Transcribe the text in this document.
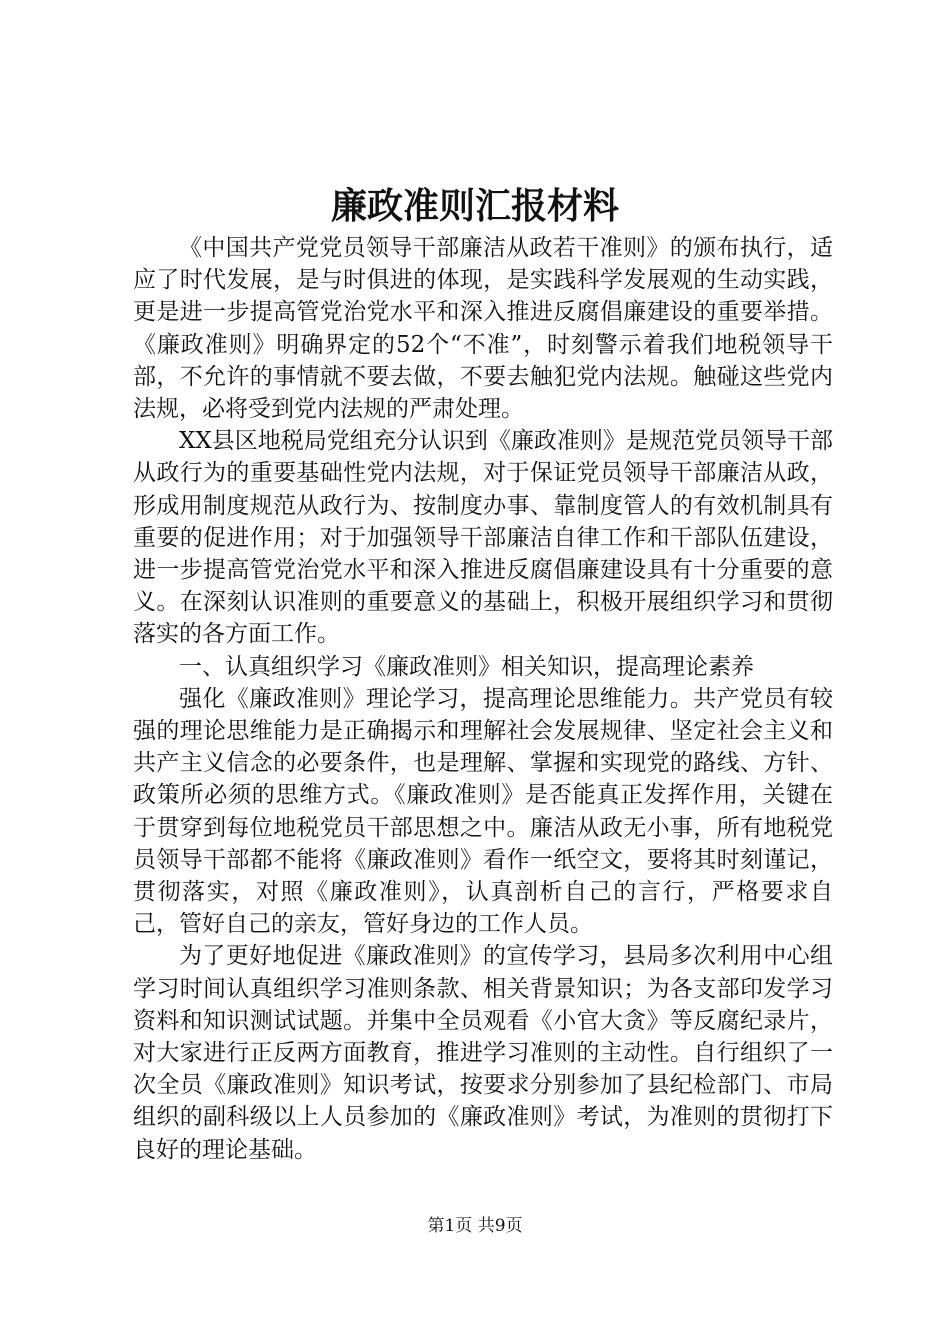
廉政准则汇报材料

《中国共产党党员领导干部廉洁从政若干准则》的颁布执行，适应了时代发展，是与时俱进的体现，是实践科学发展观的生动实践，更是进一步提高管党治党水平和深入推进反腐倡廉建设的重要举措。《廉政准则》明确界定的52个“不准”，时刻警示着我们地税领导干部，不允许的事情就不要去做，不要去触犯党内法规。触碰这些党内法规，必将受到党内法规的严肃处理。

XX县区地税局党组充分认识到《廉政准则》是规范党员领导干部从政行为的重要基础性党内法规，对于保证党员领导干部廉洁从政，形成用制度规范从政行为、按制度办事、靠制度管人的有效机制具有重要的促进作用；对于加强领导干部廉洁自律工作和干部队伍建设，进一步提高管党治党水平和深入推进反腐倡廉建设具有十分重要的意义。在深刻认识准则的重要意义的基础上，积极开展组织学习和贯彻落实的各方面工作。

一、认真组织学习《廉政准则》相关知识，提高理论素养

强化《廉政准则》理论学习，提高理论思维能力。共产党员有较强的理论思维能力是正确揭示和理解社会发展规律、坚定社会主义和共产主义信念的必要条件，也是理解、掌握和实现党的路线、方针、政策所必须的思维方式。《廉政准则》是否能真正发挥作用，关键在于贯穿到每位地税党员干部思想之中。廉洁从政无小事，所有地税党员领导干部都不能将《廉政准则》看作一纸空文，要将其时刻谨记，贯彻落实，对照《廉政准则》，认真剖析自己的言行，严格要求自己，管好自己的亲友，管好身边的工作人员。

为了更好地促进《廉政准则》的宣传学习，县局多次利用中心组学习时间认真组织学习准则条款、相关背景知识；为各支部印发学习资料和知识测试试题。并集中全员观看《小官大贪》等反腐纪录片，对大家进行正反两方面教育，推进学习准则的主动性。自行组织了一次全员《廉政准则》知识考试，按要求分别参加了县纪检部门、市局组织的副科级以上人员参加的《廉政准则》考试，为准则的贯彻打下良好的理论基础。

第1页 共9页
